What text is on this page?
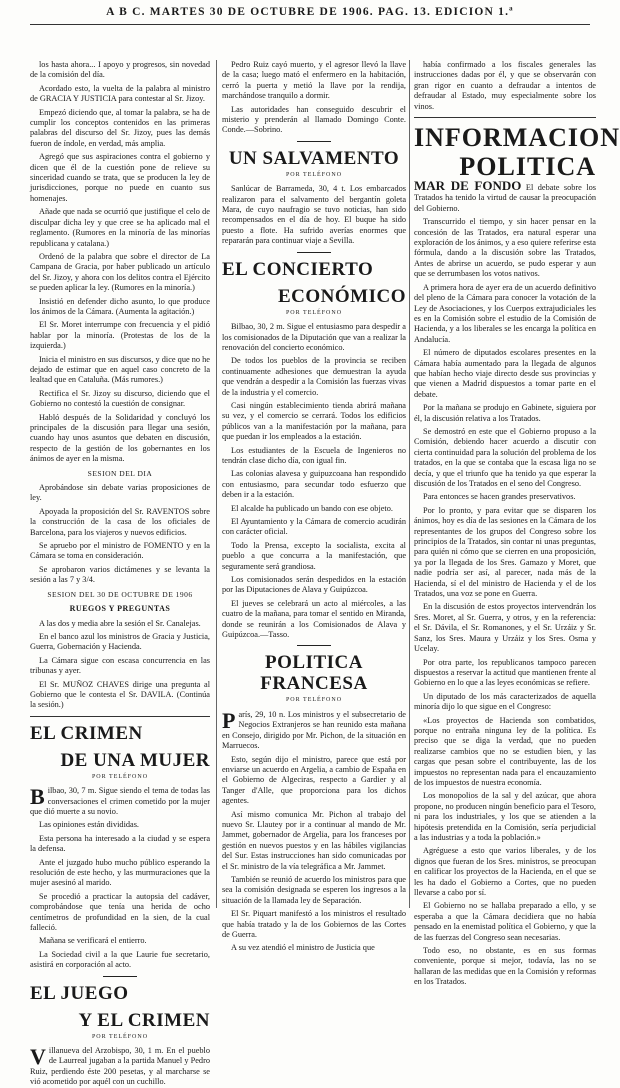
A B C. MARTES 30 DE OCTUBRE DE 1906. PAG. 13. EDICION 1.ª

los hasta ahora... I apoyo y progresos, sin novedad de la comisión del día.

Acordado esto, la vuelta de la palabra al ministro de GRACIA Y JUSTICIA para contestar al Sr. Jizoy.

Empezó diciendo que, al tomar la palabra, se ha de cumplir los conceptos contenidos en las primeras palabras del discurso del Sr. Jizoy, pues las demás fueron de índole, en verdad, más amplia.

Agregó que sus aspiraciones contra el gobierno y dicen que él de la cuestión pone de relieve su sinceridad cuando se trata, que se producen la ley de jurisdicciones, porque no puede en cuanto sus homenajes.

Añade que nada se ocurrió que justifique el celo de disculpar dicha ley y que cree se ha aplicado mal el reglamento. (Rumores en la minoría de las minorías republicana y catalana.)

Ordenó de la palabra que sobre el director de La Campana de Gracia, por haber publicado un artículo del Sr. Jizoy, y ahora con los delitos contra el Ejército se pueden aplicar la ley. (Rumores en la minoría.)

Insistió en defender dicho asunto, lo que produce los ánimos de la Cámara. (Aumenta la agitación.)

El Sr. Moret interrumpe con frecuencia y el pidió hablar por la minoría. (Protestas de los de la izquierda.)

Inicia el ministro en sus discursos, y dice que no he dejado de estimar que en aquel caso concreto de la lealtad que en Cataluña. (Más rumores.)

Rectifica el Sr. Jizoy su discurso, diciendo que el Gobierno no contestó la cuestión de consignar.

Habló después de la Solidaridad y concluyó los principales de la discusión para llegar una sesión, cuando hay unos asuntos que debaten en discusión, respecto de la gestión de los gobernantes en los ánimos de ayer en la misma.

SESION DEL DIA

Aprobándose sin debate varias proposiciones de ley.

Apoyada la proposición del Sr. RAVENTOS sobre la construcción de la casa de los oficiales de Barcelona, para los viajeros y nuevos edificios.

Se apruebo por el ministro de FOMENTO y en la Cámara se toma en consideración.

Se aprobaron varios dictámenes y se levanta la sesión a las 7 y 3/4.

SESION DEL 30 DE OCTUBRE DE 1906
RUEGOS Y PREGUNTAS

A las dos y media abre la sesión el Sr. Canalejas.

En el banco azul los ministros de Gracia y Justicia, Guerra, Gobernación y Hacienda.

La Cámara sigue con escasa concurrencia en las tribunas y ayer.

El Sr. MUÑOZ CHAVES dirige una pregunta al Gobierno que le contesta el Sr. DAVILA. (Continúa la sesión.)

EL CRIMEN
DE UNA MUJER
POR TELÉFONO

Bilbao, 30, 7 m. Sigue siendo el tema de todas las conversaciones el crimen cometido por la mujer que dió muerte a su novio.

Las opiniones están divididas.

Esta persona ha interesado a la ciudad y se espera la defensa.

Ante el juzgado hubo mucho público esperando la resolución de este hecho, y las murmuraciones que la mujer asesinó al marido.

Se procedió a practicar la autopsia del cadáver, comprobándose que tenía una herida de ocho centímetros de profundidad en la sien, de la cual falleció.

Mañana se verificará el entierro.

La Sociedad civil a la que Laurie fue secretario, asistirá en corporación al acto.

EL JUEGO
Y EL CRIMEN
POR TELÉFONO

Villanueva del Arzobispo, 30, 1 m. En el pueblo de Laurreal jugaban a la partida Manuel y Pedro Ruiz, perdiendo éste 200 pesetas, y al marcharse se vió acometido por aquél con un cuchillo.

Pedro Ruiz cayó muerto, y el agresor llevó la llave de la casa; luego mató el enfermero en la habitación, cerró la puerta y metió la llave por la rendija, marchándose tranquilo a dormir.

Las autoridades han conseguido descubrir el misterio y prenderán al llamado Domingo Conte. Conde.—Sobrino.

UN SALVAMENTO
POR TELÉFONO

Sanlúcar de Barrameda, 30, 4 t. Los embarcados realizaron para el salvamento del bergantín goleta Mara, de cuyo naufragio se tuvo noticias, han sido recompensados en el día de hoy. El buque ha sido puesto a flote. Ha sufrido averías enormes que repararán para continuar viaje a Sevilla.

EL CONCIERTO
ECONÓMICO
POR TELÉFONO

Bilbao, 30, 2 m. Sigue el entusiasmo para despedir a los comisionados de la Diputación que van a realizar la renovación del concierto económico.

De todos los pueblos de la provincia se reciben continuamente adhesiones que demuestran la ayuda que vendrán a despedir a la Comisión las fuerzas vivas de la industria y el comercio.

Casi ningún establecimiento tienda abrirá mañana su vez, y el comercio se cerrará. Todos los edificios públicos van a la manifestación por la mañana, para que puedan ir los empleados a la estación.

Los estudiantes de la Escuela de Ingenieros no tendrán clase dicho día, con igual fin.

Las colonias alavesa y guipuzcoana han respondido con entusiasmo, para secundar todo esfuerzo que deben ir a la estación.

El alcalde ha publicado un bando con ese objeto.

El Ayuntamiento y la Cámara de comercio acudirán con carácter oficial.

Todo la Prensa, excepto la socialista, excita al pueblo a que concurra a la manifestación, que seguramente será grandiosa.

Los comisionados serán despedidos en la estación por las Diputaciones de Alava y Guipúzcoa.

El jueves se celebrará un acto al miércoles, a las cuatro de la mañana, para tomar el sentido en Miranda, donde se reunirán a los Comisionados de Alava y Guipúzcoa.—Tasso.

POLITICA FRANCESA
POR TELÉFONO

París, 29, 10 n. Los ministros y el subsecretario de Negocios Extranjeros se han reunido esta mañana en Consejo, dirigido por Mr. Pichon, de la situación en Marruecos.

Esto, según dijo el ministro, parece que está por enviarse un acuerdo en Argelia, a cambio de España en el Gobierno de Algeciras, respecto a Gardier y al Tanger d'Alle, que proporciona para los dichos agentes.

Así mismo comunica Mr. Pichon al trabajo del nuevo Sr. Llautey por ir a continuar al mando de Mr. Jammet, gobernador de Argelia, para los franceses por gestión en nuevos puestos y en las hábiles vigilancias del Sur. Estas instrucciones han sido comunicadas por el Sr. ministro de la vía telegráfica a Mr. Jammet.

También se reunió de acuerdo los ministros para que sea la comisión designada se esperen los ingresos a la situación de la llamada ley de Separación.

El Sr. Piquart manifestó a los ministros el resultado que había tratado y la de los Gobiernos de las Cortes de Guerra.

A su vez atendió el ministro de Justicia que

había confirmado a los fiscales generales las instrucciones dadas por él, y que se observarán con gran rigor en cuanto a defraudar a intentos de defraudar al Estado, muy especialmente sobre los vinos.

INFORMACION
POLITICA

MAR DE FONDO El debate sobre los Tratados ha tenido la virtud de causar la preocupación del Gobierno.

Transcurrido el tiempo, y sin hacer pensar en la concesión de las Tratados, era natural esperar una exploración de los ánimos, y a eso quiere referirse esta fórmula, dando a la discusión sobre las Tratados, Antes de abrirse un acuerdo, se pudo esperar y aun que se derrumbasen los votos nativos.

A primera hora de ayer era de un acuerdo definitivo del pleno de la Cámara para conocer la votación de la Ley de Asociaciones, y los Cuerpos extrajudiciales les es en la Comisión sobre el estudio de la Comisión de Hacienda, y a los liberales se les encarga la política en Andalucía.

El número de diputados escolares presentes en la Cámara había aumentado para la llegada de algunos que habían hecho viaje directo desde sus provincias y que vienen a Madrid dispuestos a tomar parte en el debate.

Por la mañana se produjo en Gabinete, siguiera por él, la discusión relativa a los Tratados.

Se demostró en este que el Gobierno propuso a la Comisión, debiendo hacer acuerdo a discutir con cierta continuidad para la solución del problema de los tratados, en la que se contaba que la escasa liga no se decía, y que el triunfo que ha tenido ya que esperar la discusión de los Tratados en el seno del Congreso.

Para entonces se hacen grandes preservativos.

Por lo pronto, y para evitar que se disparen los ánimos, hoy es día de las sesiones en la Cámara de los representantes de los grupos del Congreso sobre los principios de la Tratados, sin contar ni unas preguntas, para quién ni cómo que se cierren en una proposición, ya por la llegada de los Sres. Gamazo y Moret, que nadie podría ser así, al parecer, nada más de la Hacienda, sí el del ministro de Hacienda y el de los Tratados, una voz se pone en Guerra.

En la discusión de estos proyectos intervendrán los Sres. Moret, al Sr. Guerra, y otros, y en la referencia: el Sr. Dávila, el Sr. Romanones, y el Sr. Urzáiz y Sr. Sanz, los Sres. Maura y Urzáiz y los Sres. Osma y Ucelay.

Por otra parte, los republicanos tampoco parecen dispuestos a reservar la actitud que mantienen frente al Gobierno en lo que a las leyes económicas se refiere.

Un diputado de los más caracterizados de aquella minoría dijo lo que sigue en el Congreso:

«Los proyectos de Hacienda son combatidos, porque no entraña ninguna ley de la política. Es preciso que se diga la verdad, que no pueden realizarse cambios que no se estudien bien, y las cargas que pesan sobre el contribuyente, las de los impuestos no representan nada para el encauzamiento de los impuestos de nuestra economía.

Los monopolios de la sal y del azúcar, que ahora propone, no producen ningún beneficio para el Tesoro, ni para los industriales, y los que se atienden a la hipótesis pretendida en la Comisión, sería perjudicial a las industrias y a toda la población.»

Agréguese a esto que varios liberales, y de los dignos que fueran de los Sres. ministros, se preocupan en calificar los proyectos de la Hacienda, en el que se les ha dado el Gobierno a Cortes, que no pueden llevarse a cabo por sí.

El Gobierno no se hallaba preparado a ello, y se esperaba a que la Cámara decidiera que no había pensado en la enemistad política el Gobierno, y que la de las fuerzas del Congreso sean necesarias.

Todo eso, no obstante, es en sus formas conveniente, porque si mejor, todavía, las no se hallaran de las medidas que en la Comisión y reformas en los Tratados.
